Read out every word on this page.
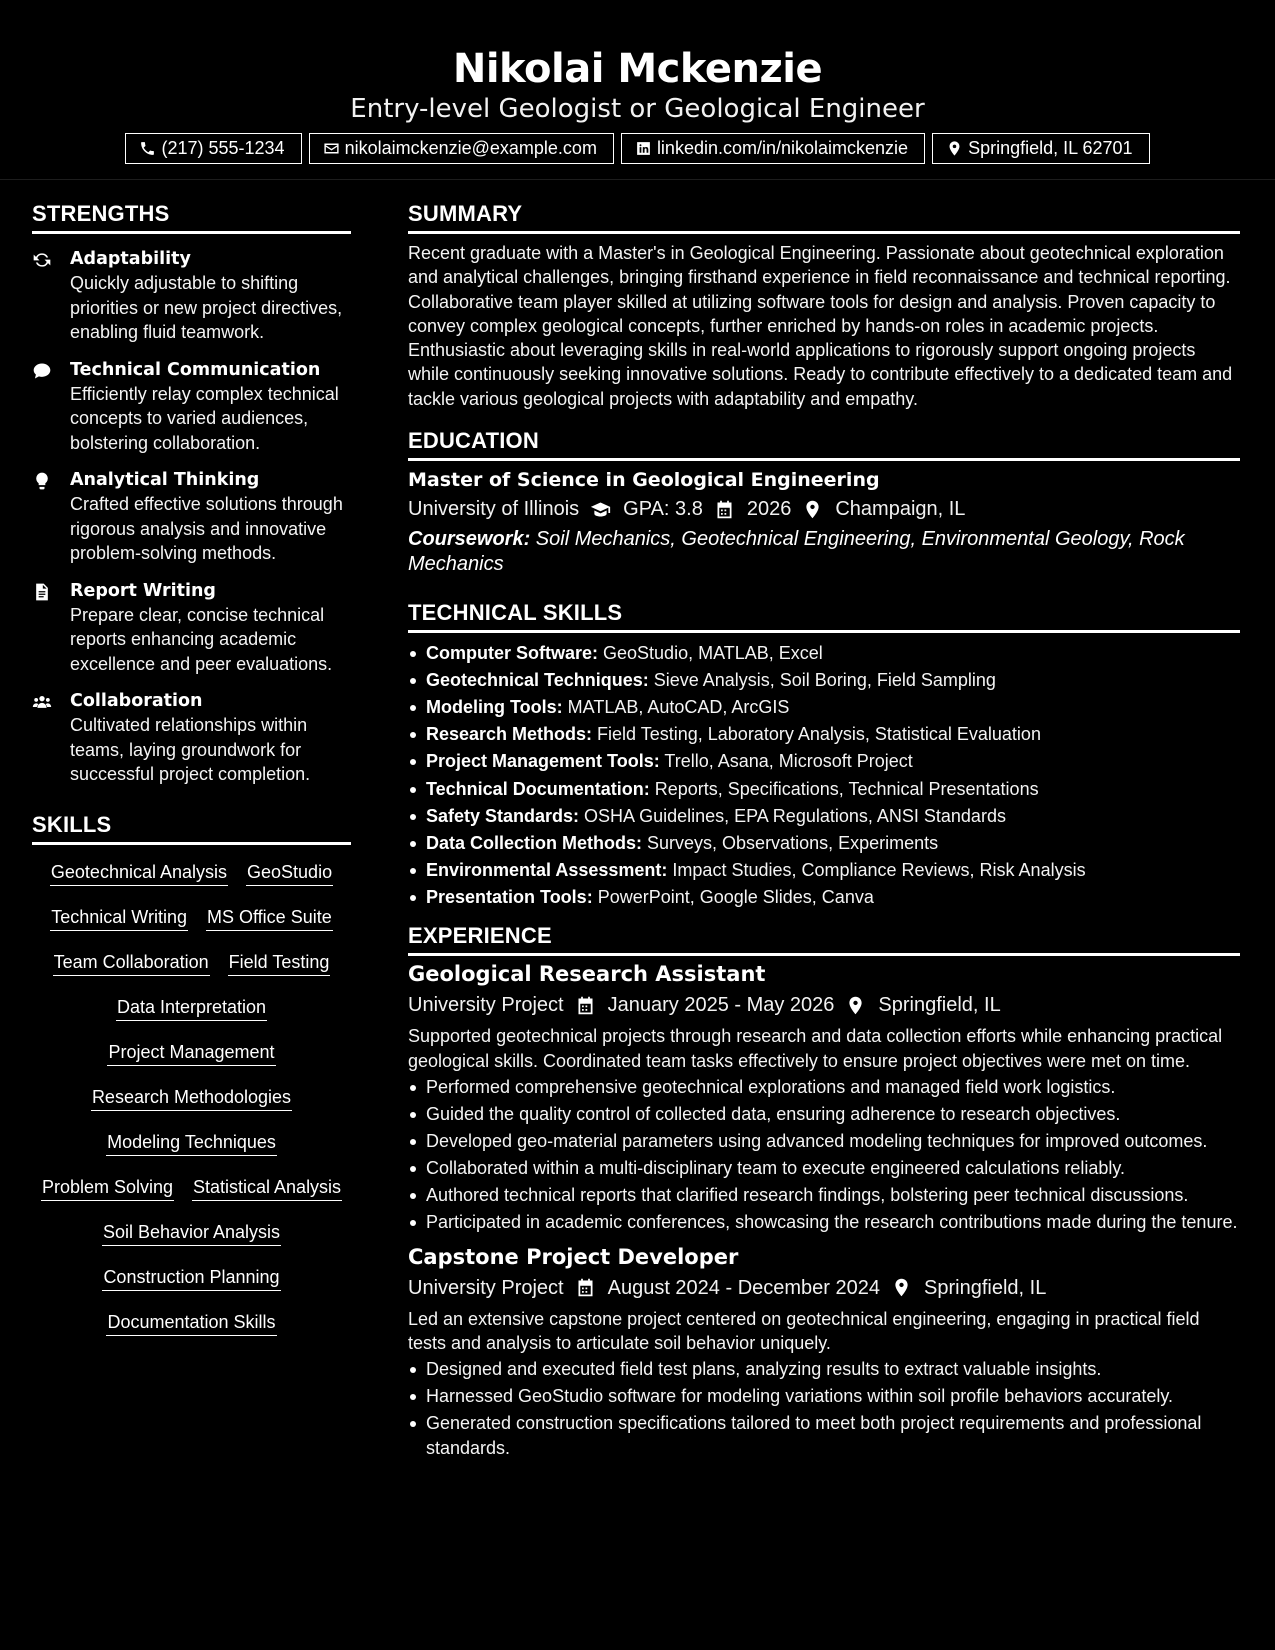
Nikolai Mckenzie
Entry-level Geologist or Geological Engineer
(217) 555-1234	nikolaimckenzie@example.com	linkedin.com/in/nikolaimckenzie	Springfield, IL 62701
STRENGTHS
Adaptability
Quickly adjustable to shifting priorities or new project directives, enabling fluid teamwork.
Technical Communication
Efficiently relay complex technical concepts to varied audiences, bolstering collaboration.
Analytical Thinking
Crafted effective solutions through rigorous analysis and innovative problem-solving methods.
Report Writing
Prepare clear, concise technical reports enhancing academic excellence and peer evaluations.
Collaboration
Cultivated relationships within teams, laying groundwork for successful project completion.
SKILLS
Geotechnical Analysis GeoStudio
Technical Writing MS Office Suite
Team Collaboration Field Testing
Data Interpretation
Project Management
Research Methodologies
Modeling Techniques
Problem Solving Statistical Analysis
Soil Behavior Analysis
Construction Planning
Documentation Skills
SUMMARY
Recent graduate with a Master's in Geological Engineering. Passionate about geotechnical exploration and analytical challenges, bringing firsthand experience in field reconnaissance and technical reporting. Collaborative team player skilled at utilizing software tools for design and analysis. Proven capacity to convey complex geological concepts, further enriched by hands-on roles in academic projects. Enthusiastic about leveraging skills in real-world applications to rigorously support ongoing projects while continuously seeking innovative solutions. Ready to contribute effectively to a dedicated team and tackle various geological projects with adaptability and empathy.
EDUCATION
Master of Science in Geological Engineering
University of Illinois GPA: 3.8 2026 Champaign, IL
Coursework: Soil Mechanics, Geotechnical Engineering, Environmental Geology, Rock Mechanics
TECHNICAL SKILLS
Computer Software: GeoStudio, MATLAB, Excel
Geotechnical Techniques: Sieve Analysis, Soil Boring, Field Sampling
Modeling Tools: MATLAB, AutoCAD, ArcGIS
Research Methods: Field Testing, Laboratory Analysis, Statistical Evaluation
Project Management Tools: Trello, Asana, Microsoft Project
Technical Documentation: Reports, Specifications, Technical Presentations
Safety Standards: OSHA Guidelines, EPA Regulations, ANSI Standards
Data Collection Methods: Surveys, Observations, Experiments
Environmental Assessment: Impact Studies, Compliance Reviews, Risk Analysis
Presentation Tools: PowerPoint, Google Slides, Canva
EXPERIENCE
Geological Research Assistant
University Project January 2025 - May 2026 Springfield, IL
Supported geotechnical projects through research and data collection efforts while enhancing practical geological skills. Coordinated team tasks effectively to ensure project objectives were met on time.
Performed comprehensive geotechnical explorations and managed field work logistics.
Guided the quality control of collected data, ensuring adherence to research objectives.
Developed geo-material parameters using advanced modeling techniques for improved outcomes.
Collaborated within a multi-disciplinary team to execute engineered calculations reliably.
Authored technical reports that clarified research findings, bolstering peer technical discussions.
Participated in academic conferences, showcasing the research contributions made during the tenure.
Capstone Project Developer
University Project August 2024 - December 2024 Springfield, IL
Led an extensive capstone project centered on geotechnical engineering, engaging in practical field tests and analysis to articulate soil behavior uniquely.
Designed and executed field test plans, analyzing results to extract valuable insights.
Harnessed GeoStudio software for modeling variations within soil profile behaviors accurately.
Generated construction specifications tailored to meet both project requirements and professional standards.
